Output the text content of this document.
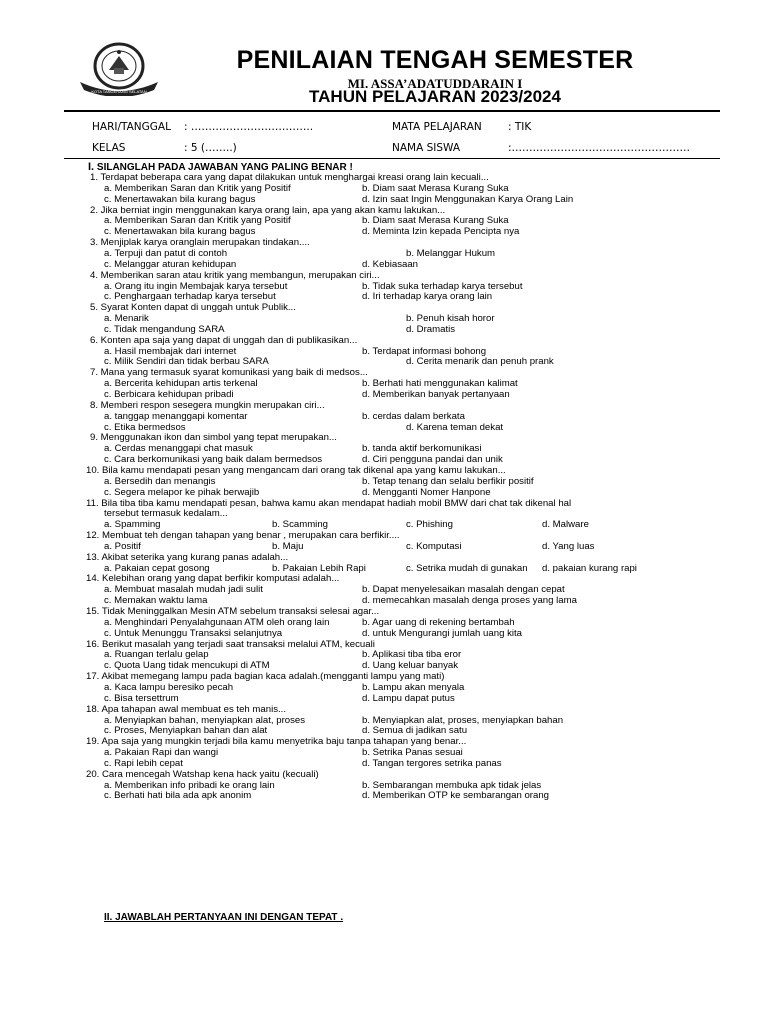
KOTA TANGERANG SELATAN
PENILAIAN TENGAH SEMESTER
MI. ASSA’ADATUDDARAIN I
TAHUN PELAJARAN 2023/2024
HARI/TANGGAL : ……………………………..	MATA PELAJARAN : TIK
KELAS	: 5 (……..)	NAMA SISWA	:……………………………………………
I. SILANGLAH PADA JAWABAN YANG PALING BENAR !
1. Terdapat beberapa cara yang dapat dilakukan untuk menghargai kreasi orang lain kecuali...
a. Memberikan Saran dan Kritik yang Positif	b. Diam saat Merasa Kurang Suka
c. Menertawakan bila kurang bagus	d. Izin saat Ingin Menggunakan Karya Orang Lain
2. Jika berniat ingin menggunakan karya orang lain, apa yang akan kamu lakukan...
a. Memberikan Saran dan Kritik yang Positif	b. Diam saat Merasa Kurang Suka
c. Menertawakan bila kurang bagus	d. Meminta Izin kepada Pencipta nya
3. Menjiplak karya oranglain merupakan tindakan....
a. Terpuji dan patut di contoh	b. Melanggar Hukum
c. Melanggar aturan kehidupan	d. Kebiasaan
4. Memberikan saran atau kritik yang membangun, merupakan ciri...
a. Orang itu ingin Membajak karya tersebut	b. Tidak suka terhadap karya tersebut
c. Penghargaan terhadap karya tersebut	d. Iri terhadap karya orang lain
5. Syarat Konten dapat di unggah untuk Publik...
a. Menarik	b. Penuh kisah horor
c. Tidak mengandung SARA	d. Dramatis
6. Konten apa saja yang dapat di unggah dan di publikasikan...
a. Hasil membajak dari internet	b. Terdapat informasi bohong
c. Milik Sendiri dan tidak berbau SARA	d. Cerita menarik dan penuh prank
7. Mana yang termasuk syarat komunikasi yang baik di medsos...
a. Bercerita kehidupan artis terkenal	b. Berhati hati menggunakan kalimat
c. Berbicara kehidupan pribadi	d. Memberikan banyak pertanyaan
8. Memberi respon sesegera mungkin merupakan ciri...
a. tanggap menanggapi komentar	b. cerdas dalam berkata
c. Etika bermedsos	d. Karena teman dekat
9. Menggunakan ikon dan simbol yang tepat merupakan...
a. Cerdas menanggapi chat masuk	b. tanda aktif berkomunikasi
c. Cara berkomunikasi yang baik dalam bermedsos	d. Ciri pengguna pandai dan unik
10. Bila kamu mendapati pesan yang mengancam dari orang tak dikenal apa yang kamu lakukan...
a. Bersedih dan menangis	b. Tetap tenang dan selalu berfikir positif
c. Segera melapor ke pihak berwajib	d. Mengganti Nomer Hanpone
11. Bila tiba tiba kamu mendapati pesan, bahwa kamu akan mendapat hadiah mobil BMW dari chat tak dikenal hal
tersebut termasuk kedalam...
a. Spamming	b. Scamming	c. Phishing	d. Malware
12. Membuat teh dengan tahapan yang benar , merupakan cara berfikir....
a. Positif	b. Maju	c. Komputasi	d. Yang luas
13. Akibat seterika yang kurang panas adalah...
a. Pakaian cepat gosong	b. Pakaian Lebih Rapi	c. Setrika mudah di gunakan d. pakaian kurang rapi
14. Kelebihan orang yang dapat berfikir komputasi adalah...
a. Membuat masalah mudah jadi sulit	b. Dapat menyelesaikan masalah dengan cepat
c. Memakan waktu lama	d. memecahkan masalah denga proses yang lama
15. Tidak Meninggalkan Mesin ATM sebelum transaksi selesai agar...
a. Menghindari Penyalahgunaan ATM oleh orang lain	b. Agar uang di rekening bertambah
c. Untuk Menunggu Transaksi selanjutnya	d. untuk Mengurangi jumlah uang kita
16. Berikut masalah yang terjadi saat transaksi melalui ATM, kecuali
a. Ruangan terlalu gelap	b. Aplikasi tiba tiba eror
c. Quota Uang tidak mencukupi di ATM	d. Uang keluar banyak
17. Akibat memegang lampu pada bagian kaca adalah.(mengganti lampu yang mati)
a. Kaca lampu beresiko pecah	b. Lampu akan menyala
c. Bisa tersettrum	d. Lampu dapat putus
18. Apa tahapan awal membuat es teh manis...
a. Menyiapkan bahan, menyiapkan alat, proses	b. Menyiapkan alat, proses, menyiapkan bahan
c. Proses, Menyiapkan bahan dan alat	d. Semua di jadikan satu
19. Apa saja yang mungkin terjadi bila kamu menyetrika baju tanpa tahapan yang benar...
a. Pakaian Rapi dan wangi	b. Setrika Panas sesuai
c. Rapi lebih cepat	d. Tangan tergores setrika panas
20. Cara mencegah Watshap kena hack yaitu (kecuali)
a. Memberikan info pribadi ke orang lain	b. Sembarangan membuka apk tidak jelas
c. Berhati hati bila ada apk anonim	d. Memberikan OTP ke sembarangan orang
II. JAWABLAH PERTANYAAN INI DENGAN TEPAT .
